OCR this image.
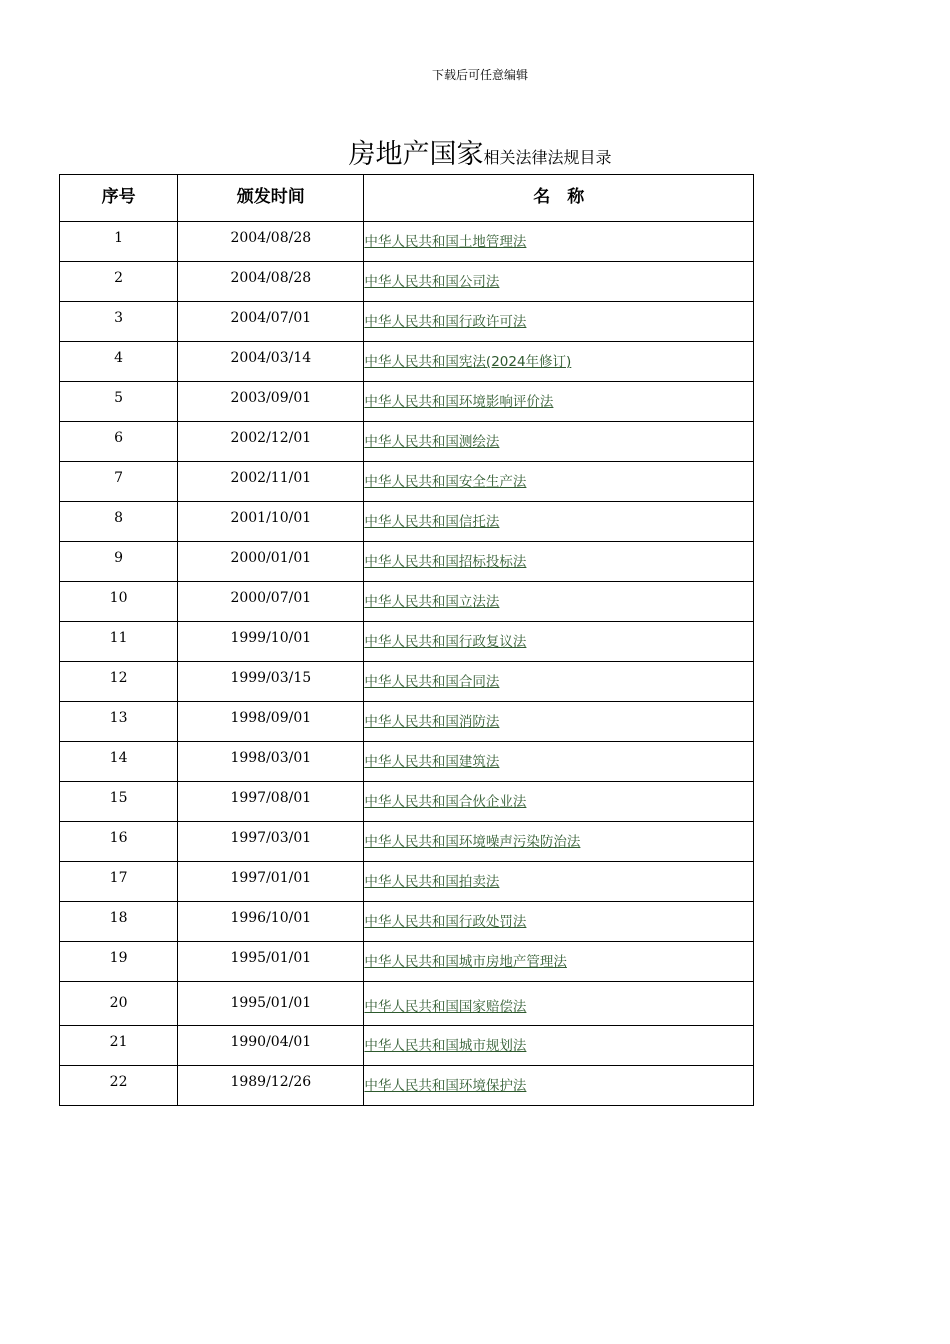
下载后可任意编辑
房地产国家相关法律法规目录
序号	颁发时间	名　称
1	2004/08/28	中华人民共和国土地管理法
2	2004/08/28	中华人民共和国公司法
3	2004/07/01	中华人民共和国行政许可法
4	2004/03/14	中华人民共和国宪法(2024年修订)
5	2003/09/01	中华人民共和国环境影响评价法
6	2002/12/01	中华人民共和国测绘法
7	2002/11/01	中华人民共和国安全生产法
8	2001/10/01	中华人民共和国信托法
9	2000/01/01	中华人民共和国招标投标法
10	2000/07/01	中华人民共和国立法法
11	1999/10/01	中华人民共和国行政复议法
12	1999/03/15	中华人民共和国合同法
13	1998/09/01	中华人民共和国消防法
14	1998/03/01	中华人民共和国建筑法
15	1997/08/01	中华人民共和国合伙企业法
16	1997/03/01	中华人民共和国环境噪声污染防治法
17	1997/01/01	中华人民共和国拍卖法
18	1996/10/01	中华人民共和国行政处罚法
19	1995/01/01	中华人民共和国城市房地产管理法
20	1995/01/01	中华人民共和国国家赔偿法
21	1990/04/01	中华人民共和国城市规划法
22	1989/12/26	中华人民共和国环境保护法
